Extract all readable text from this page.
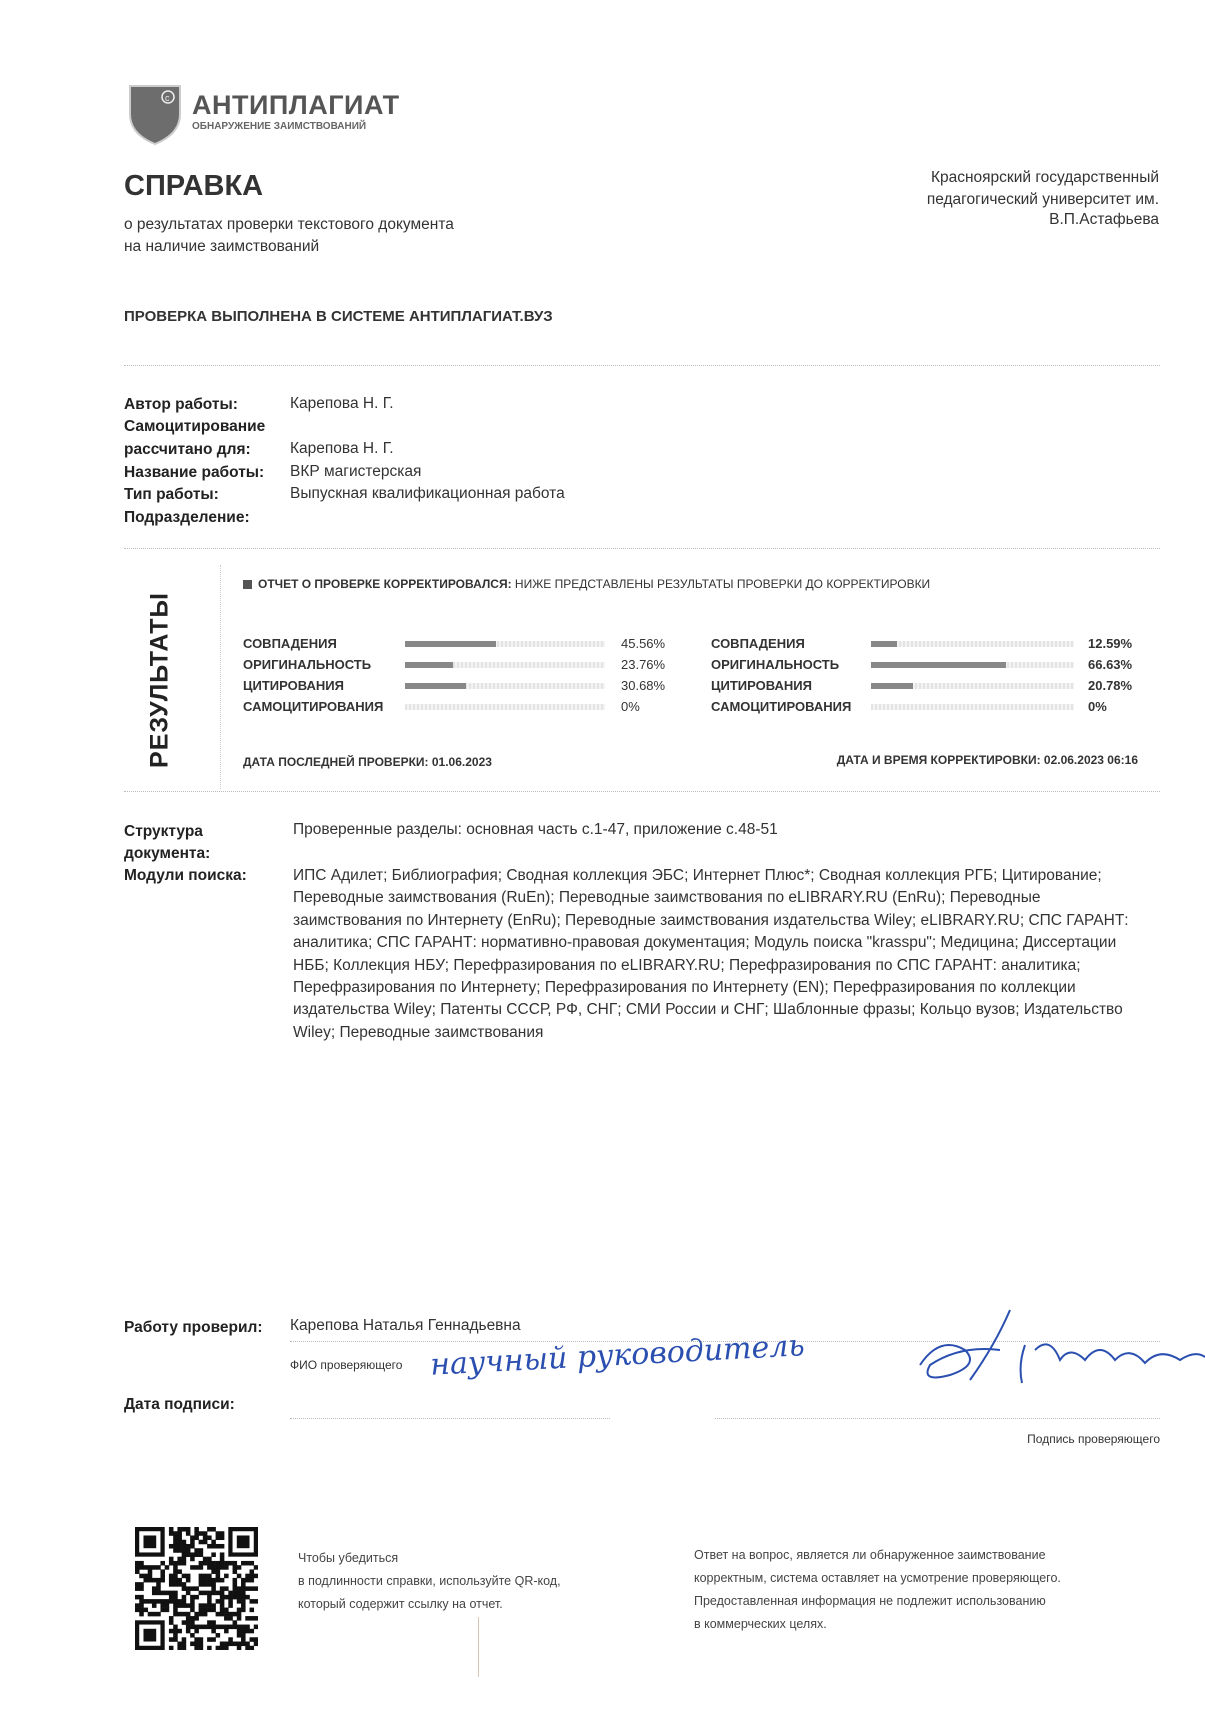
c АНТИПЛАГИАТ
ОБНАРУЖЕНИЕ ЗАИМСТВОВАНИЙ
СПРАВКА
о результатах проверки текстового документа
на наличие заимствований
Красноярский государственный
педагогический университет им.
В.П.Астафьева
ПРОВЕРКА ВЫПОЛНЕНА В СИСТЕМЕ АНТИПЛАГИАТ.ВУЗ
Автор работы:	Карепова Н. Г.
Самоцитирование
рассчитано для:	Карепова Н. Г.
Название работы: ВКР магистерская
Тип работы:	Выпускная квалификационная работа
Подразделение:
РЕЗУЛЬТАТЫ
ОТЧЕТ О ПРОВЕРКЕ КОРРЕКТИРОВАЛСЯ: НИЖЕ ПРЕДСТАВЛЕНЫ РЕЗУЛЬТАТЫ ПРОВЕРКИ ДО КОРРЕКТИРОВКИ
СОВПАДЕНИЯ	45.56%
ОРИГИНАЛЬНОСТЬ	23.76%
ЦИТИРОВАНИЯ	30.68%
САМОЦИТИРОВАНИЯ	0%
СОВПАДЕНИЯ	12.59%
ОРИГИНАЛЬНОСТЬ	66.63%
ЦИТИРОВАНИЯ	20.78%
САМОЦИТИРОВАНИЯ	0%
ДАТА ПОСЛЕДНЕЙ ПРОВЕРКИ: 01.06.2023	ДАТА И ВРЕМЯ КОРРЕКТИРОВКИ: 02.06.2023 06:16
Структура
документа:
Проверенные разделы: основная часть с.1-47, приложение с.48-51
Модули поиска:	ИПС Адилет; Библиография; Сводная коллекция ЭБС; Интернет Плюс*; Сводная коллекция РГБ; Цитирование; Переводные заимствования (RuEn); Переводные заимствования по eLIBRARY.RU (EnRu); Переводные заимствования по Интернету (EnRu); Переводные заимствования издательства Wiley; eLIBRARY.RU; СПС ГАРАНТ: аналитика; СПС ГАРАНТ: нормативно-правовая документация; Модуль поиска "krasspu"; Медицина; Диссертации НББ; Коллекция НБУ; Перефразирования по eLIBRARY.RU; Перефразирования по СПС ГАРАНТ: аналитика; Перефразирования по Интернету; Перефразирования по Интернету (EN); Перефразирования по коллекции издательства Wiley; Патенты СССР, РФ, СНГ; СМИ России и СНГ; Шаблонные фразы; Кольцо вузов; Издательство Wiley; Переводные заимствования
Работу проверил: Карепова Наталья Геннадьевна
ФИО проверяющего научный руководитель
Дата подписи:
Подпись проверяющего
Чтобы убедиться
в подлинности справки, используйте QR-код,
который содержит ссылку на отчет.
Ответ на вопрос, является ли обнаруженное заимствование
корректным, система оставляет на усмотрение проверяющего.
Предоставленная информация не подлежит использованию
в коммерческих целях.
